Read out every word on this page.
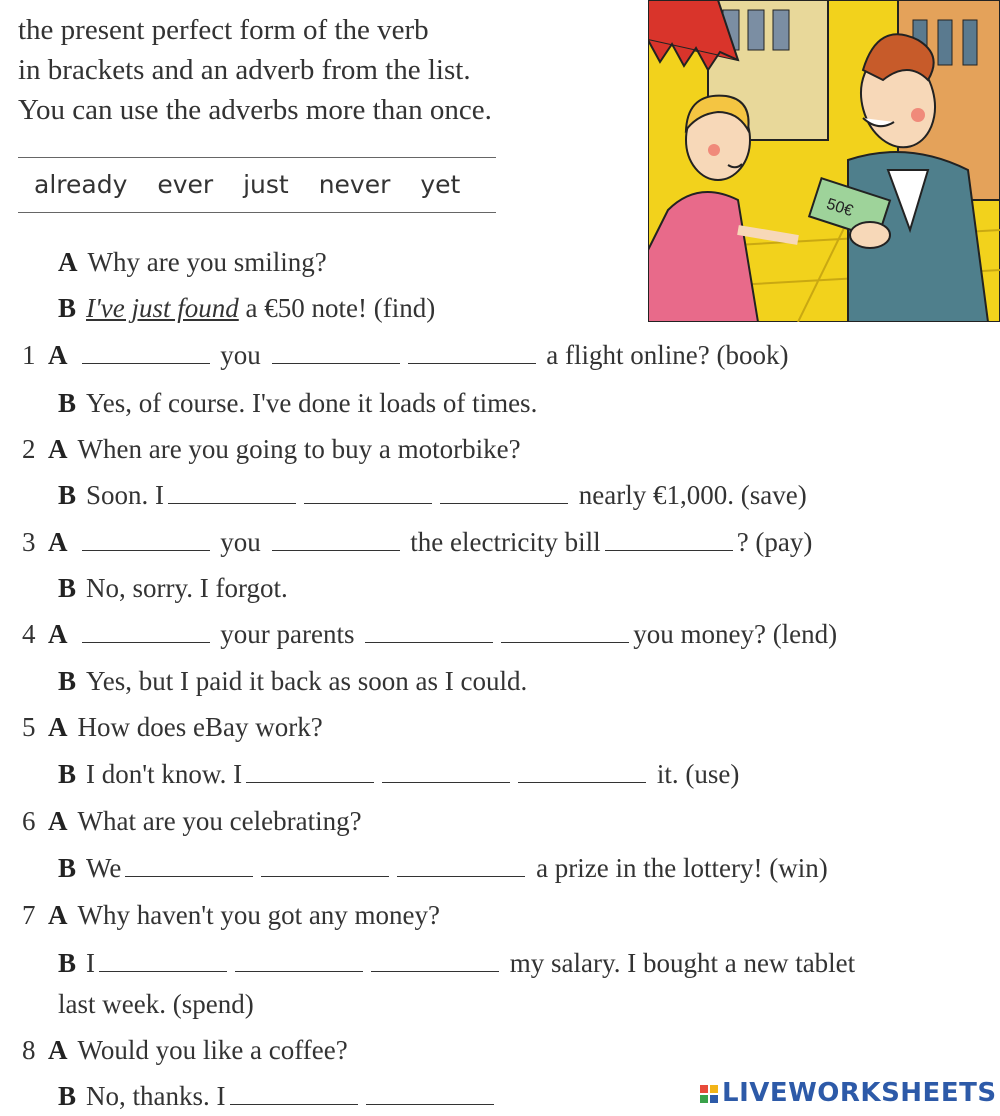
the present perfect form of the verb
in brackets and an adverb from the list.
You can use the adverbs more than once.
already ever just never yet
50€
A Why are you smiling?
B I've just found a €50 note! (find)
1 A	you	a flight online? (book)
B Yes, of course. I've done it loads of times.
2 A When are you going to buy a motorbike?
B Soon. I	nearly €1,000. (save)
3 A	you	the electricity bill	? (pay)
B No, sorry. I forgot.
4 A	your parents	you money? (lend)
B Yes, but I paid it back as soon as I could.
5 A How does eBay work?
B I don't know. I	it. (use)
6 A What are you celebrating?
B We	a prize in the lottery! (win)
7 A Why haven't you got any money?
B I	my salary. I bought a new tablet
last week. (spend)
8 A Would you like a coffee?
B No, thanks. I	LIVEWORKSHEETS
